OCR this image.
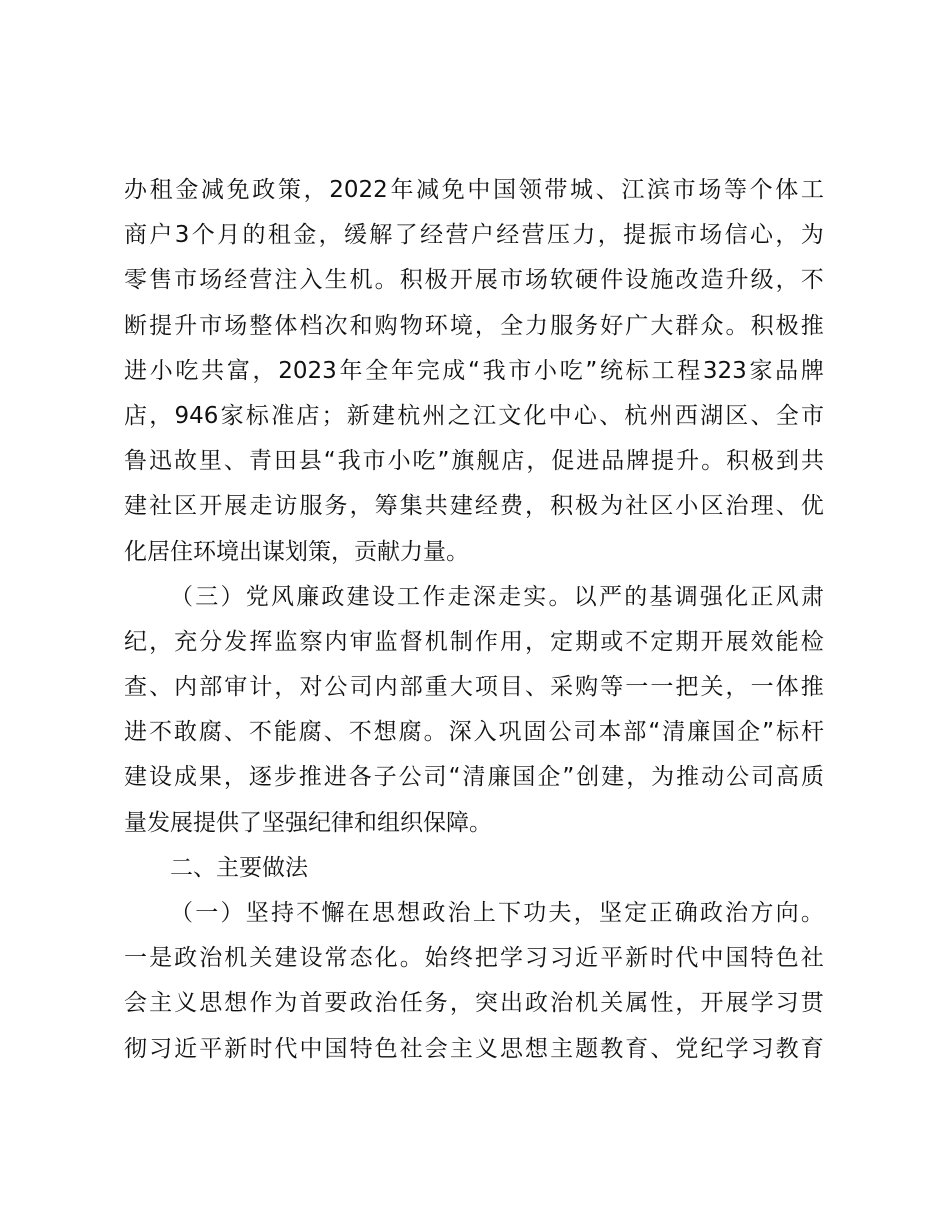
办 租 金 减 免 政 策 ， 2022 年 减 免 中 国 领 带 城 、 江 滨 市 场 等 个 体 工
商 户 3 个 月 的 租 金 ， 缓 解 了 经 营 户 经 营 压 力 ， 提 振 市 场 信 心 ， 为
零 售 市 场 经 营 注 入 生 机 。 积 极 开 展 市 场 软 硬 件 设 施 改 造 升 级 ， 不
断 提 升 市 场 整 体 档 次 和 购 物 环 境 ， 全 力 服 务 好 广 大 群 众 。 积 极 推
进 小 吃 共 富 ， 2023 年 全 年 完 成 “ 我 市 小 吃 ” 统 标 工 程 323 家 品 牌
店 ， 946 家 标 准 店 ； 新 建 杭 州 之 江 文 化 中 心 、 杭 州 西 湖 区 、 全 市
鲁 迅 故 里 、 青 田 县 “ 我 市 小 吃 ” 旗 舰 店 ， 促 进 品 牌 提 升 。 积 极 到 共
建 社 区 开 展 走 访 服 务 ， 筹 集 共 建 经 费 ， 积 极 为 社 区 小 区 治 理 、 优
化居住环境出谋划策，贡献力量。
（ 三 ） 党 风 廉 政 建 设 工 作 走 深 走 实 。 以 严 的 基 调 强 化 正 风 肃
纪 ， 充 分 发 挥 监 察 内 审 监 督 机 制 作 用 ， 定 期 或 不 定 期 开 展 效 能 检
查 、 内 部 审 计 ， 对 公 司 内 部 重 大 项 目 、 采 购 等 一 一 把 关 ， 一 体 推
进 不 敢 腐 、 不 能 腐 、 不 想 腐 。 深 入 巩 固 公 司 本 部 “ 清 廉 国 企 ” 标 杆
建 设 成 果 ， 逐 步 推 进 各 子 公 司 “ 清 廉 国 企 ” 创 建 ， 为 推 动 公 司 高 质
量发展提供了坚强纪律和组织保障。
二、主要做法
（ 一 ） 坚 持 不 懈 在 思 想 政 治 上 下 功 夫 ， 坚 定 正 确 政 治 方 向 。
一 是 政 治 机 关 建 设 常 态 化 。 始 终 把 学 习 习 近 平 新 时 代 中 国 特 色 社
会 主 义 思 想 作 为 首 要 政 治 任 务 ， 突 出 政 治 机 关 属 性 ， 开 展 学 习 贯
彻 习 近 平 新 时 代 中 国 特 色 社 会 主 义 思 想 主 题 教 育 、 党 纪 学 习 教 育
